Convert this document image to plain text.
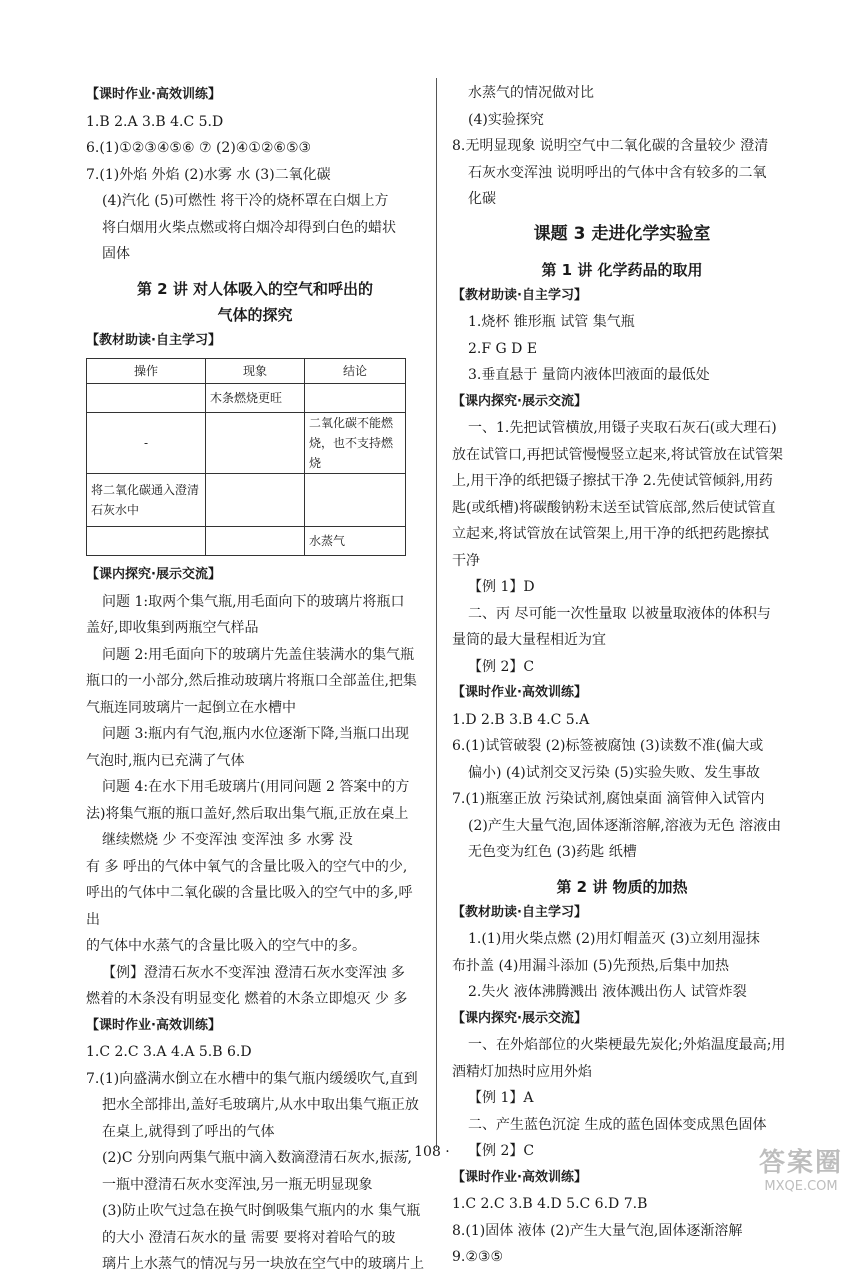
【课时作业·高效训练】

1.B 2.A 3.B 4.C 5.D

6.(1)①②③④⑤⑥ ⑦ (2)④①②⑥⑤③

7.(1)外焰 外焰 (2)水雾 水 (3)二氧化碳

(4)汽化 (5)可燃性 将干冷的烧杯罩在白烟上方

将白烟用火柴点燃或将白烟冷却得到白色的蜡状

固体

第 2 讲 对人体吸入的空气和呼出的

气体的探究

【教材助读·自主学习】

操作	现象	结论
	木条燃烧更旺	
-		二氧化碳不能燃烧，也不支持燃烧
将二氧化碳通入澄清石灰水中		
		水蒸气

【课内探究·展示交流】

问题 1:取两个集气瓶,用毛面向下的玻璃片将瓶口

盖好,即收集到两瓶空气样品

问题 2:用毛面向下的玻璃片先盖住装满水的集气瓶

瓶口的一小部分,然后推动玻璃片将瓶口全部盖住,把集

气瓶连同玻璃片一起倒立在水槽中

问题 3:瓶内有气泡,瓶内水位逐渐下降,当瓶口出现

气泡时,瓶内已充满了气体

问题 4:在水下用毛玻璃片(用同问题 2 答案中的方

法)将集气瓶的瓶口盖好,然后取出集气瓶,正放在桌上

继续燃烧 少 不变浑浊 变浑浊 多 水雾 没

有 多 呼出的气体中氧气的含量比吸入的空气中的少,

呼出的气体中二氧化碳的含量比吸入的空气中的多,呼出

的气体中水蒸气的含量比吸入的空气中的多。

【例】澄清石灰水不变浑浊 澄清石灰水变浑浊 多

燃着的木条没有明显变化 燃着的木条立即熄灭 少 多

【课时作业·高效训练】

1.C 2.C 3.A 4.A 5.B 6.D

7.(1)向盛满水倒立在水槽中的集气瓶内缓缓吹气,直到

把水全部排出,盖好毛玻璃片,从水中取出集气瓶正放

在桌上,就得到了呼出的气体

(2)C 分别向两集气瓶中滴入数滴澄清石灰水,振荡,

一瓶中澄清石灰水变浑浊,另一瓶无明显现象

(3)防止吹气过急在换气时倒吸集气瓶内的水 集气瓶

的大小 澄清石灰水的量 需要 要将对着哈气的玻

璃片上水蒸气的情况与另一块放在空气中的玻璃片上

水蒸气的情况做对比

(4)实验探究

8.无明显现象 说明空气中二氧化碳的含量较少 澄清

石灰水变浑浊 说明呼出的气体中含有较多的二氧

化碳

课题 3 走进化学实验室

第 1 讲 化学药品的取用

【教材助读·自主学习】

1.烧杯 锥形瓶 试管 集气瓶

2.F G D E

3.垂直悬于 量筒内液体凹液面的最低处

【课内探究·展示交流】

一、1.先把试管横放,用镊子夹取石灰石(或大理石)

放在试管口,再把试管慢慢竖立起来,将试管放在试管架

上,用干净的纸把镊子擦拭干净 2.先使试管倾斜,用药

匙(或纸槽)将碳酸钠粉末送至试管底部,然后使试管直

立起来,将试管放在试管架上,用干净的纸把药匙擦拭

干净

【例 1】D

二、丙 尽可能一次性量取 以被量取液体的体积与

量筒的最大量程相近为宜

【例 2】C

【课时作业·高效训练】

1.D 2.B 3.B 4.C 5.A

6.(1)试管破裂 (2)标签被腐蚀 (3)读数不准(偏大或

偏小) (4)试剂交叉污染 (5)实验失败、发生事故

7.(1)瓶塞正放 污染试剂,腐蚀桌面 滴管伸入试管内

(2)产生大量气泡,固体逐渐溶解,溶液为无色 溶液由

无色变为红色 (3)药匙 纸槽

第 2 讲 物质的加热

【教材助读·自主学习】

1.(1)用火柴点燃 (2)用灯帽盖灭 (3)立刻用湿抹

布扑盖 (4)用漏斗添加 (5)先预热,后集中加热

2.失火 液体沸腾溅出 液体溅出伤人 试管炸裂

【课内探究·展示交流】

一、在外焰部位的火柴梗最先炭化;外焰温度最高;用

酒精灯加热时应用外焰

【例 1】A

二、产生蓝色沉淀 生成的蓝色固体变成黑色固体

【例 2】C

【课时作业·高效训练】

1.C 2.C 3.B 4.D 5.C 6.D 7.B

8.(1)固体 液体 (2)产生大量气泡,固体逐渐溶解

9.②③⑤

· 108 ·	答案圈
MXQE.COM
